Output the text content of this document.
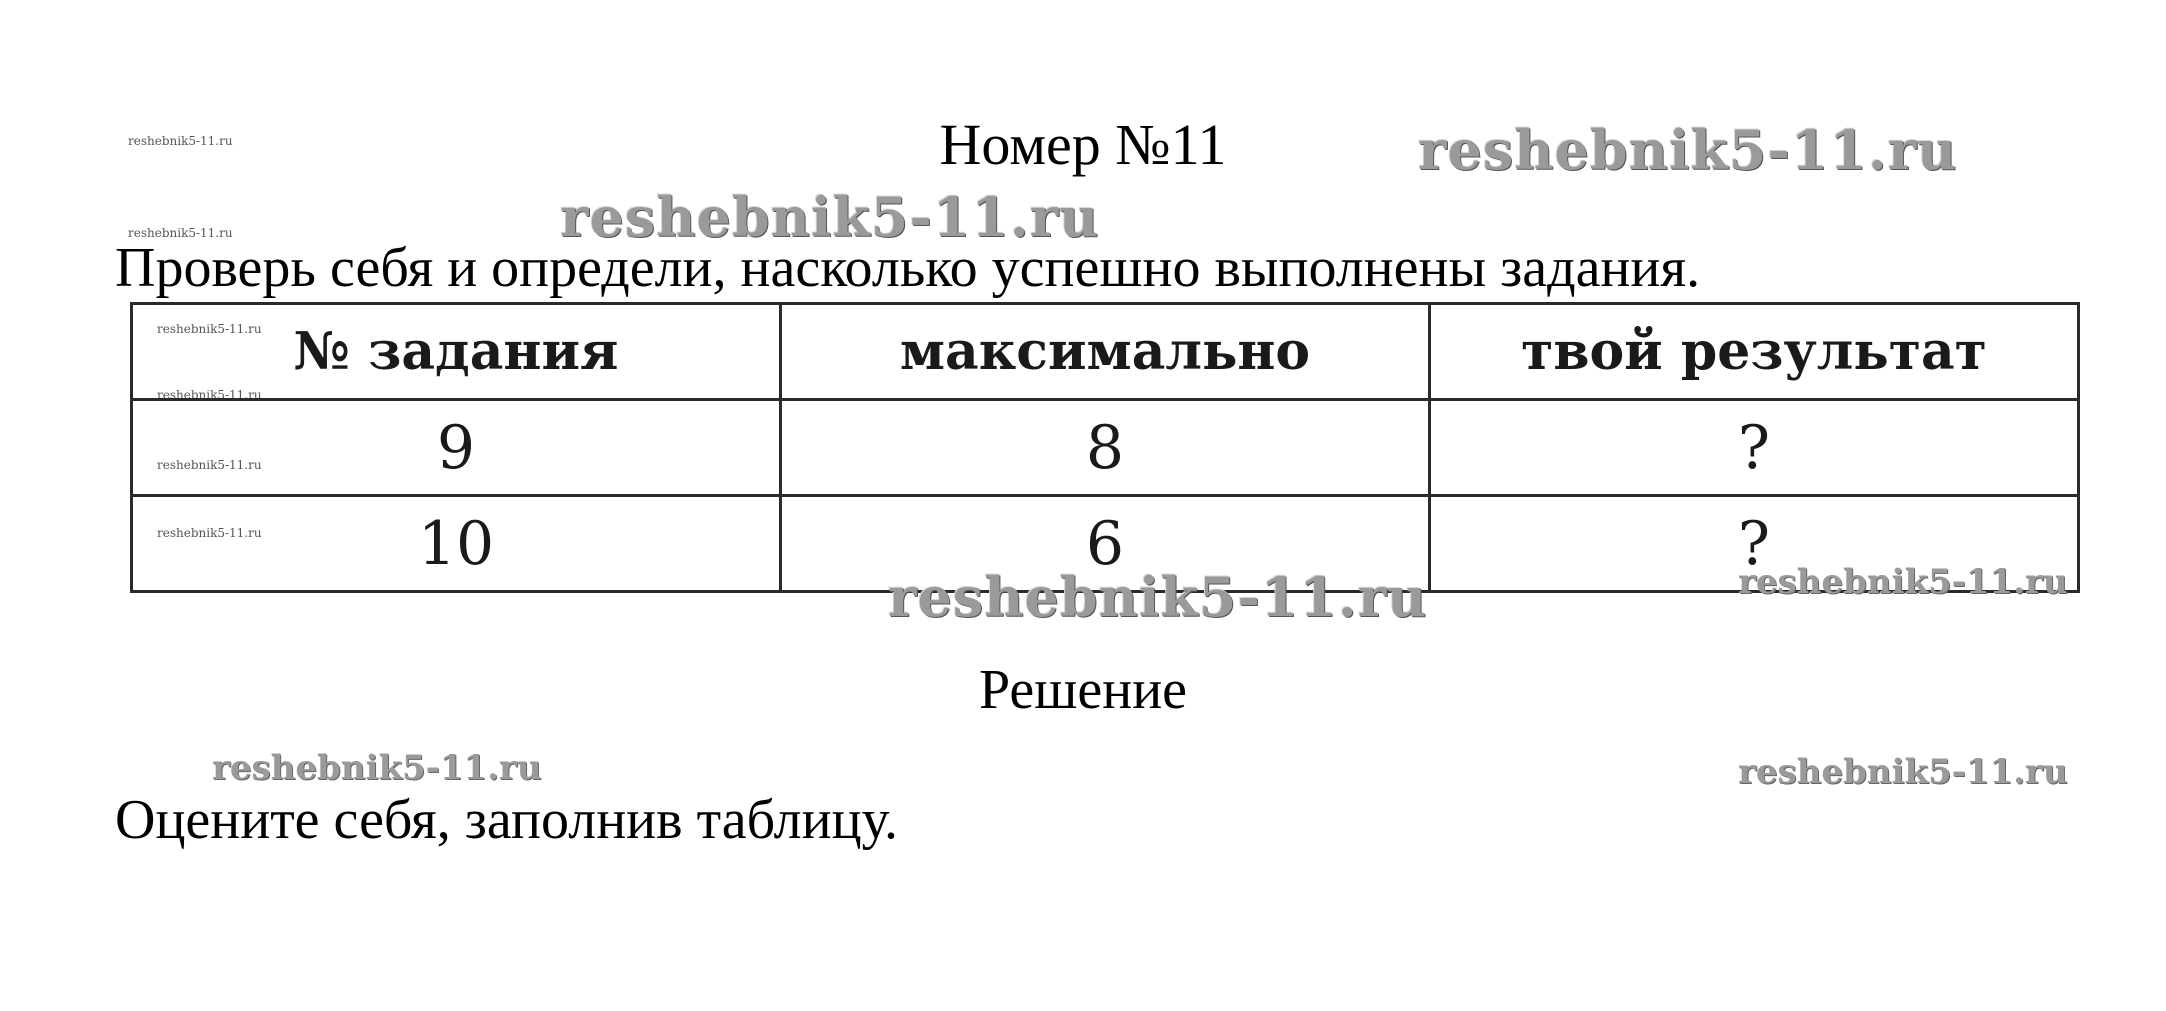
reshebnik5-11.ru
reshebnik5-11.ru
reshebnik5-11.ru
reshebnik5-11.ru
reshebnik5-11.ru
reshebnik5-11.ru
Номер №11
Проверь себя и определи, насколько успешно выполнены задания.
№ задания	максимально	твой результат
9	8	?
10	6	?
Решение
Оцените себя, заполнив таблицу.
reshebnik5-11.ru
reshebnik5-11.ru
reshebnik5-11.ru	reshebnik5-11.ru
reshebnik5-11.ru	reshebnik5-11.ru
